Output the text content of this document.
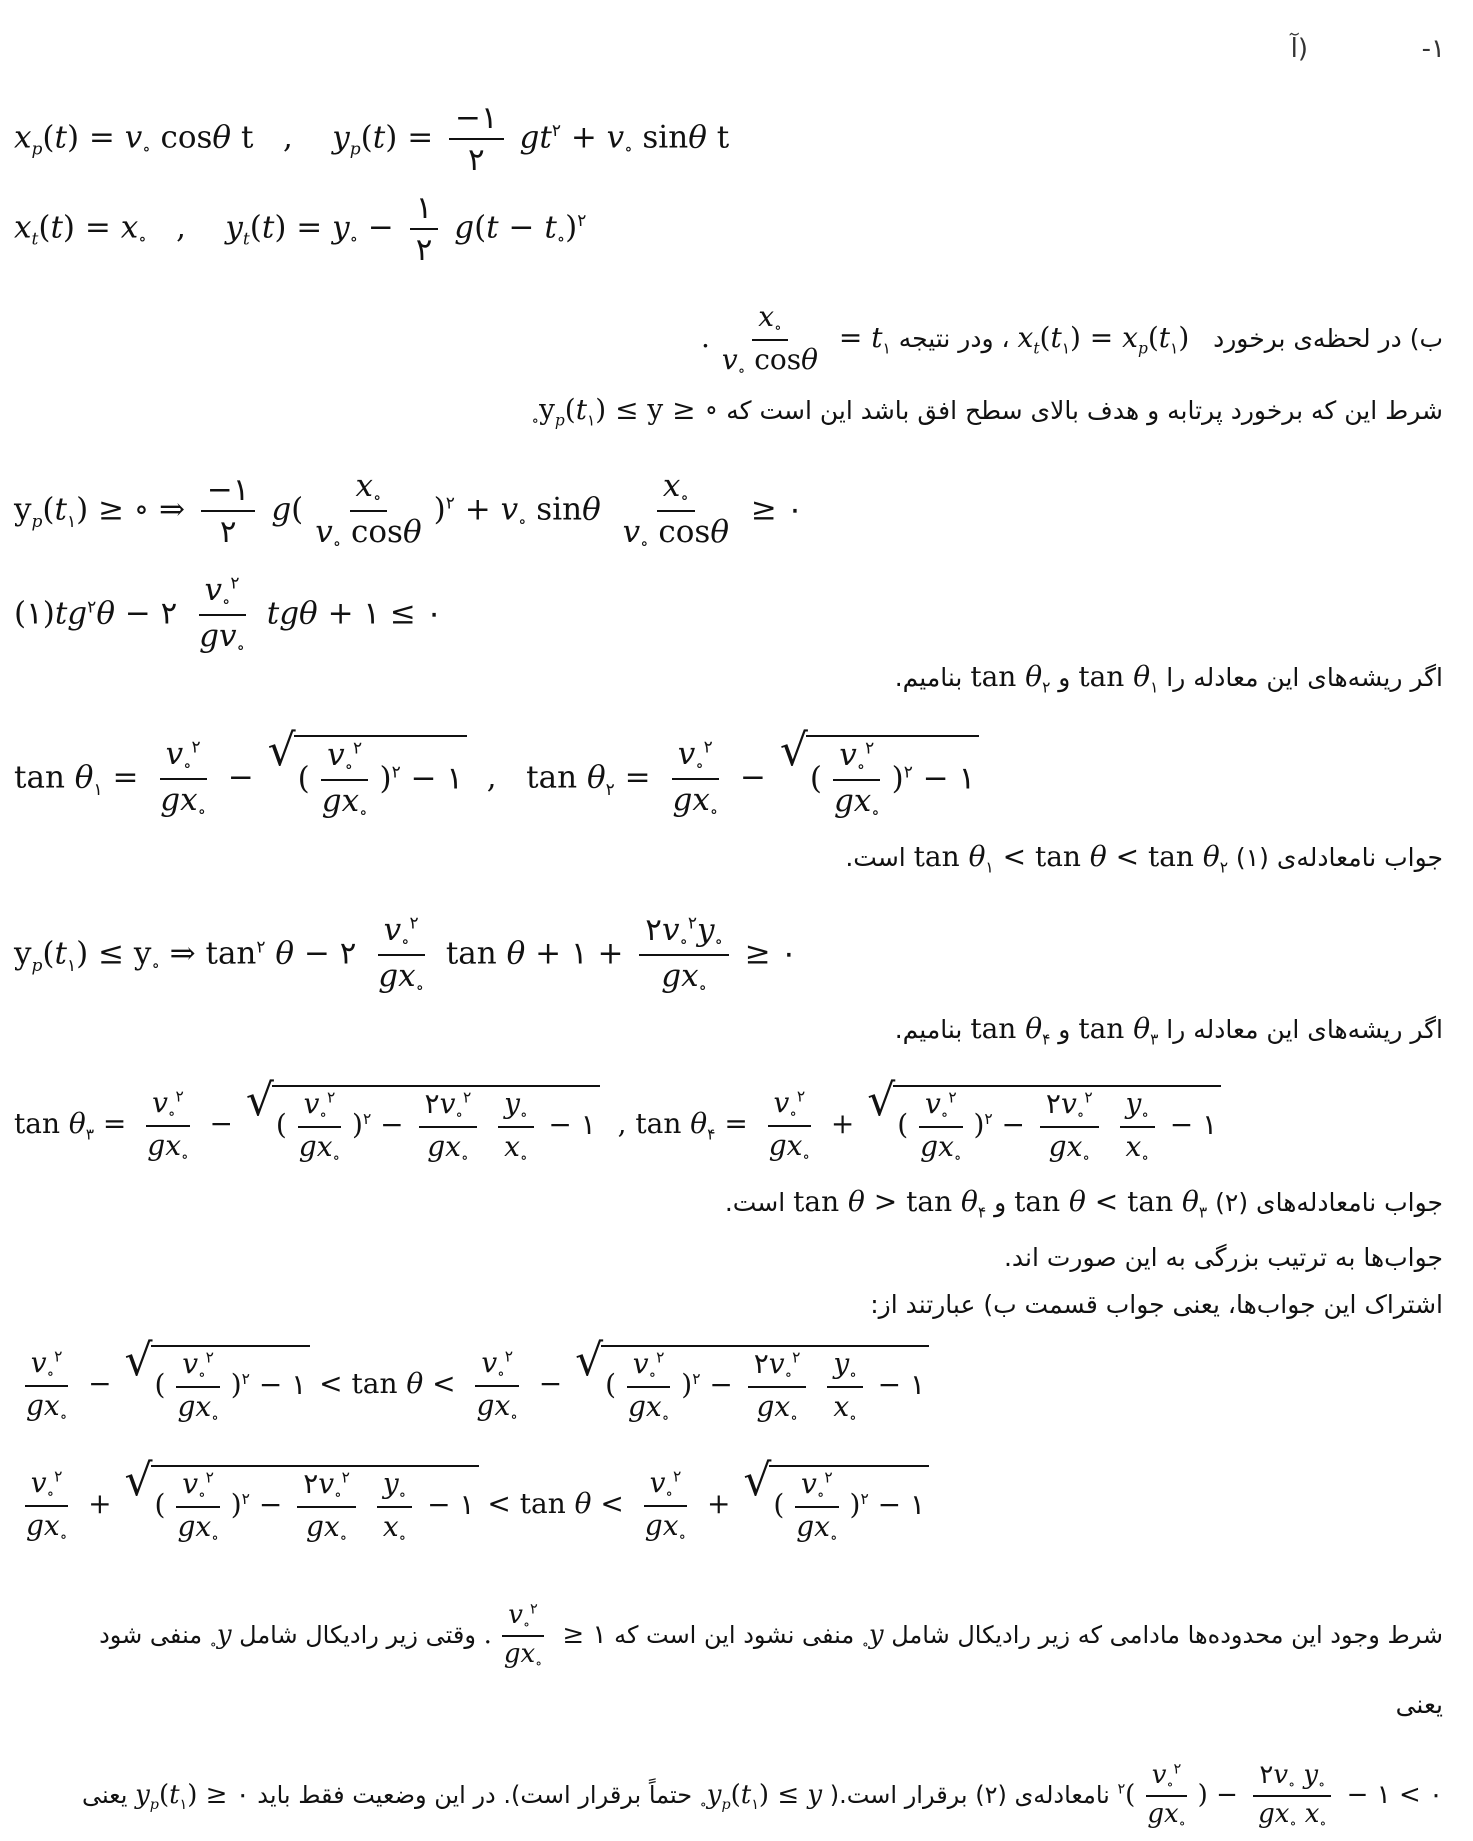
-۱
آ)
$x_p(t) = v_\circ$ cosθ t   ,    $y_p(t) = \frac{-۱}{۲} gt^۲ + v_\circ$ sinθ t
$x_t(t) = x_\circ$   ,    $y_t(t) = y_\circ - \frac{۱}{۲} g(t - t_\circ)^۲$
ب) در لحظه‌ی برخورد   $x_t(t_۱) = x_p(t_۱)$ ، ودر نتیجه $t_۱$ =
$\frac{x_\circ}{v_\circ \cos\theta}$
.
شرط این که برخورد پرتابه و هدف بالای سطح افق باشد این است که ∘ ≤ $y_p(t_۱) \le y_\circ$
$y_p(t_۱)$ ≥ ∘ ⇒ $\frac{-۱}{۲} g( \frac{x_\circ}{v_\circ \cos\theta} )^۲ + v_\circ$ sinθ $\frac{x_\circ}{v_\circ \cos\theta}$ ≥ ۰
$(۱)tg^۲\theta$ − ۲ $\frac{v_\circ^۲}{gv_\circ}$ tgθ + ۱ ≤ ۰
اگر ریشه‌های این معادله را $\tan \theta_۱$ و $\tan \theta_۲$ بنامیم.
$\tan \theta_۱ = \frac{v_\circ^۲}{gx_\circ}$ − √ ( $\frac{v_\circ^۲}{gx_\circ} )^۲$ − ۱  ,   $\tan \theta_۲ = \frac{v_\circ^۲}{gx_\circ}$ − √ ( $\frac{v_\circ^۲}{gx_\circ} )^۲$ − ۱
جواب نامعادله‌ی (۱) $\tan \theta_۱ < \tan \theta < \tan \theta_۲$ است.
$y_p(t_۱) \le y_\circ$ ⇒ $\tan^۲ \theta$ − ۲ $\frac{v_\circ^۲}{gx_\circ}$ tan θ + ۱ + $\frac{۲v_\circ^۲y_\circ}{gx_\circ}$ ≥ ۰
اگر ریشه‌های این معادله را $\tan \theta_۳$ و $\tan \theta_۴$ بنامیم.
$\tan \theta_۳ = \frac{v_\circ^۲}{gx_\circ}$ − √ ( $\frac{v_\circ^۲}{gx_\circ} )^۲ - \frac{۲v_\circ^۲}{gx_\circ}$
$\frac{y_\circ}{x_\circ}$ − ۱  , $\tan \theta_۴ = \frac{v_\circ^۲}{gx_\circ}$ + √ ( $\frac{v_\circ^۲}{gx_\circ} )^۲ - \frac{۲v_\circ^۲}{gx_\circ}$
$\frac{y_\circ}{x_\circ}$ − ۱
جواب نامعادله‌های (۲) $\tan \theta < \tan \theta_۳$ و $\tan \theta > \tan \theta_۴$ است.
جواب‌ها به ترتیب بزرگی به این صورت اند.
اشتراک این جواب‌ها، یعنی جواب قسمت ب) عبارتند از:
$\frac{v_\circ^۲}{gx_\circ}$ − √ ( $\frac{v_\circ^۲}{gx_\circ} )^۲$ − ۱ < $\tan \theta < \frac{v_\circ^۲}{gx_\circ}$ − √ ( $\frac{v_\circ^۲}{gx_\circ} )^۲ - \frac{۲v_\circ^۲}{gx_\circ}$
$\frac{y_\circ}{x_\circ}$ − ۱
$\frac{v_\circ^۲}{gx_\circ}$ + √ ( $\frac{v_\circ^۲}{gx_\circ} )^۲ - \frac{۲v_\circ^۲}{gx_\circ}$
$\frac{y_\circ}{x_\circ}$ − ۱ < $\tan \theta < \frac{v_\circ^۲}{gx_\circ}$ + √ ( $\frac{v_\circ^۲}{gx_\circ} )^۲$ − ۱
شرط وجود این محدوده‌ها مادامی که زیر رادیکال شامل $y_\circ$ منفی نشود این است که ۱ ≤
$\frac{v_\circ^۲}{gx_\circ}$
. وقتی زیر رادیکال شامل $y_\circ$ منفی شود
یعنی
۰ > ۱ −
$\frac{۲v_\circ y_\circ}{gx_\circ x_\circ}$
− (
$\frac{v_\circ^۲}{gx_\circ}$
)$^۲$ نامعادله‌ی (۲) برقرار است.( $y_p(t_۱) \le y_\circ$ حتماً برقرار است). در این وضعیت فقط باید $y_p(t_۱)$ ≥ ۰ یعنی
